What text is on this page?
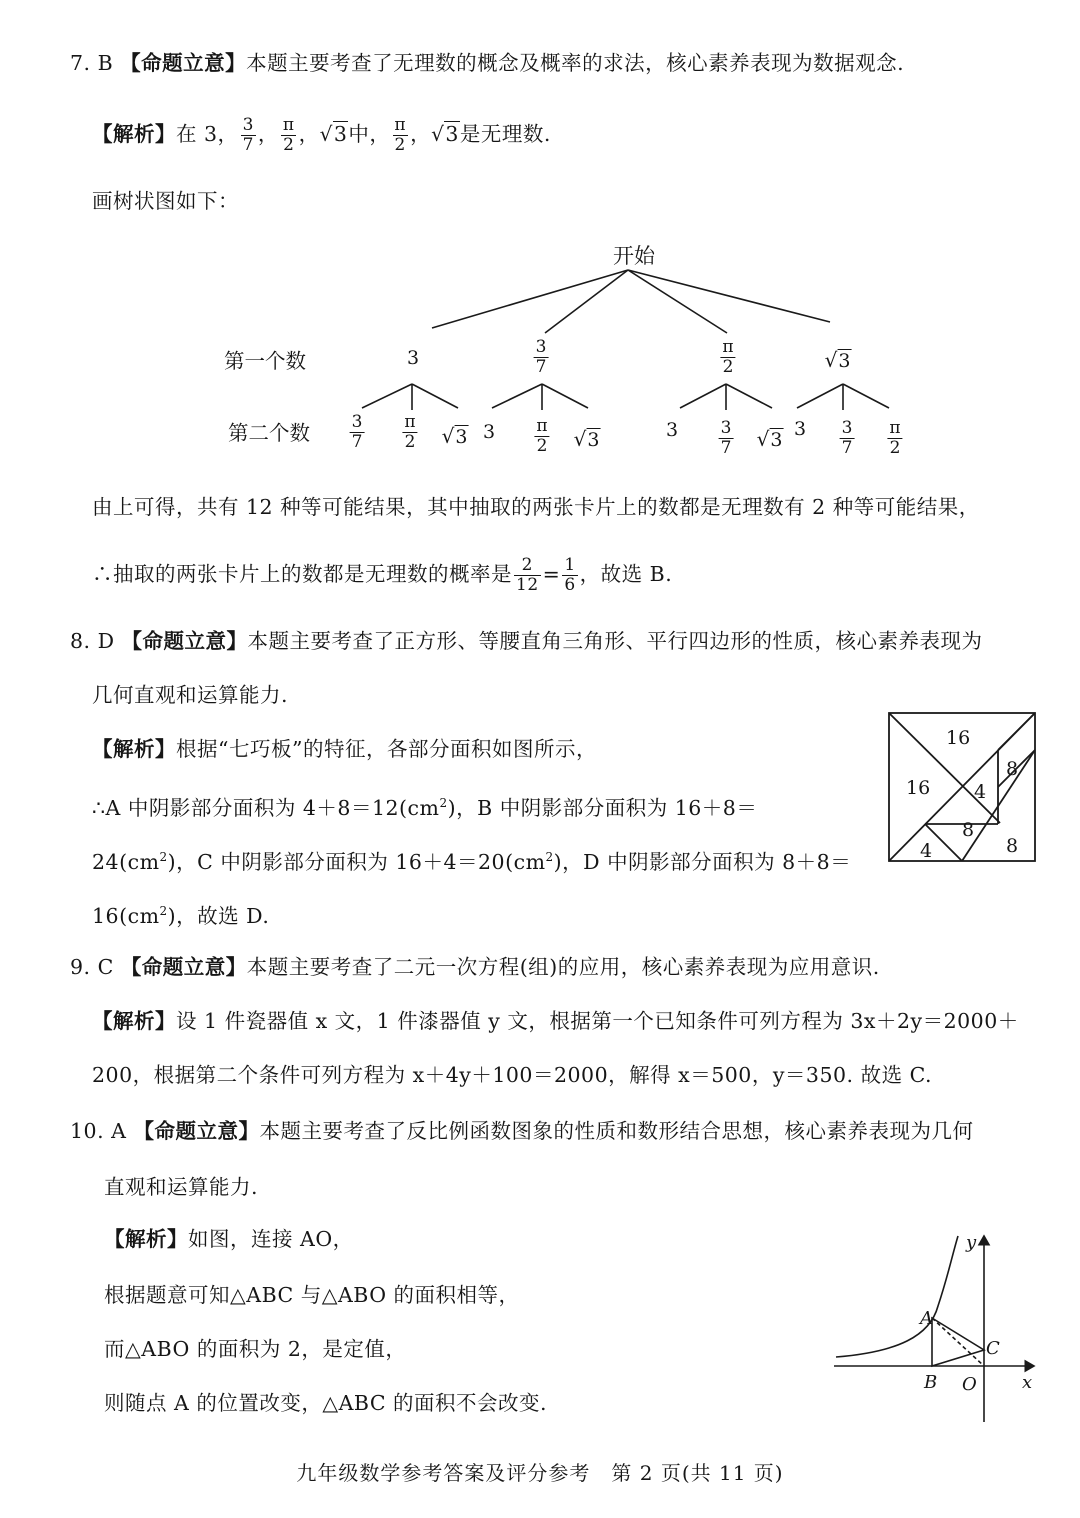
7. B 【命题立意】本题主要考查了无理数的概念及概率的求法，核心素养表现为数据观念.
【解析】在 3， $\frac{3}{7}$ ， $\frac{\pi}{2}$ ，√3中， $\frac{\pi}{2}$ ，√3是无理数.
画树状图如下：
开始
第一个数
第二个数
3	$\frac{3}{7}$	$\frac{\pi}{2}$	√3
$\frac{3}{7} \frac{\pi}{2} √3$ $3 \frac{\pi}{2} √3$	$3 \frac{3}{7} √3$ $3 \frac{3}{7} \frac{\pi}{2}$
由上可得，共有 12 种等可能结果，其中抽取的两张卡片上的数都是无理数有 2 种等可能结果，
∴抽取的两张卡片上的数都是无理数的概率是 $\frac{2}{12} = \frac{1}{6}$ ，故选 B.
8. D 【命题立意】本题主要考查了正方形、等腰直角三角形、平行四边形的性质，核心素养表现为
几何直观和运算能力.
【解析】根据“七巧板”的特征，各部分面积如图所示，
∴A 中阴影部分面积为 $4+8=12(cm^2)$，B 中阴影部分面积为 16＋8＝
$24(cm^2)$，C 中阴影部分面积为 $16+4=20(cm^2)$，D 中阴影部分面积为 8＋8＝
$16(cm^2)$，故选 D.
16
16 4
8
8
4	8
9. C 【命题立意】本题主要考查了二元一次方程(组)的应用，核心素养表现为应用意识.
【解析】设 1 件瓷器值 x 文，1 件漆器值 y 文，根据第一个已知条件可列方程为 3x＋2y＝2000＋
200，根据第二个条件可列方程为 x＋4y＋100＝2000，解得 x＝500，y＝350. 故选 C.
10. A 【命题立意】本题主要考查了反比例函数图象的性质和数形结合思想，核心素养表现为几何
直观和运算能力.
【解析】如图，连接 AO，
根据题意可知△ABC 与△ABO 的面积相等，
而△ABO 的面积为 2，是定值，
则随点 A 的位置改变，△ABC 的面积不会改变.
y
A
C
B O	x
九年级数学参考答案及评分参考　第 2 页(共 11 页)
